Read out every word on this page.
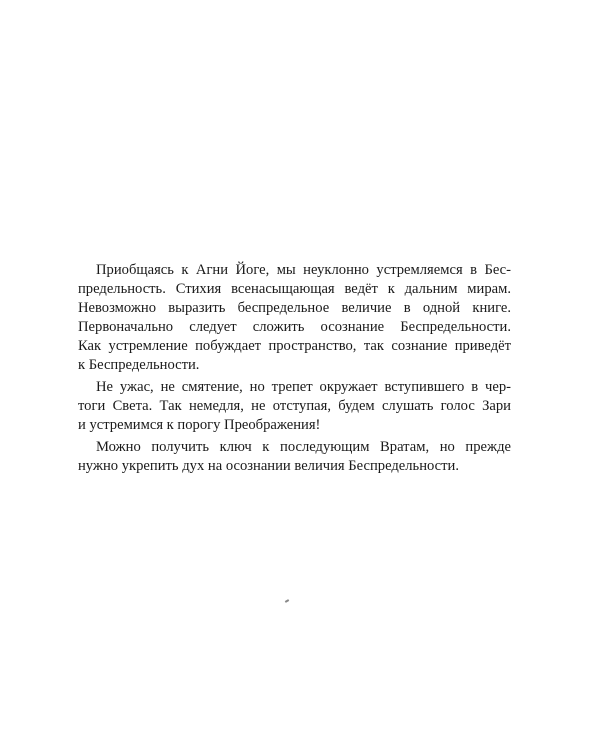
Приобщаясь к Агни Йоге, мы неуклонно устремляемся в Бес-
предельность. Стихия всенасыщающая ведёт к дальним мирам.
Невозможно выразить беспредельное величие в одной книге.
Первоначально следует сложить осознание Беспредельности.
Как устремление побуждает пространство, так сознание приведёт
к Беспредельности.

Не ужас, не смятение, но трепет окружает вступившего в чер-
тоги Света. Так немедля, не отступая, будем слушать голос Зари
и устремимся к порогу Преображения!

Можно получить ключ к последующим Вратам, но прежде
нужно укрепить дух на осознании величия Беспредельности.
